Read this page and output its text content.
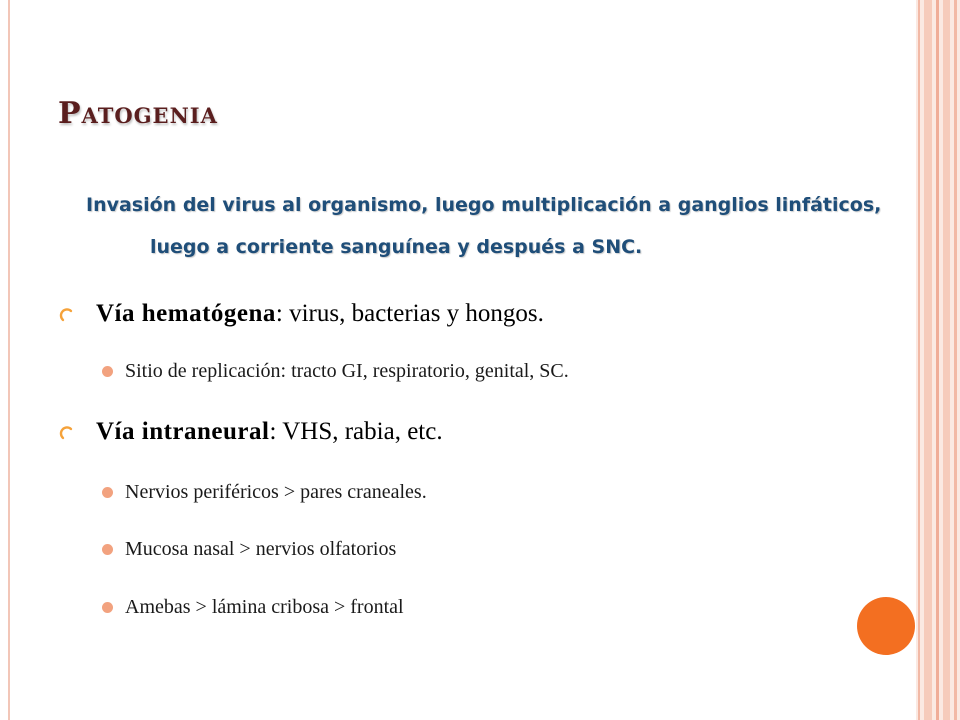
Patogenia

Invasión del virus al organismo, luego multiplicación a ganglios linfáticos, luego a corriente sanguínea y después a SNC.

Vía hematógena: virus, bacterias y hongos.
Sitio de replicación: tracto GI, respiratorio, genital, SC.
Vía intraneural: VHS, rabia, etc.
Nervios periféricos > pares craneales.
Mucosa nasal > nervios olfatorios
Amebas > lámina cribosa > frontal
